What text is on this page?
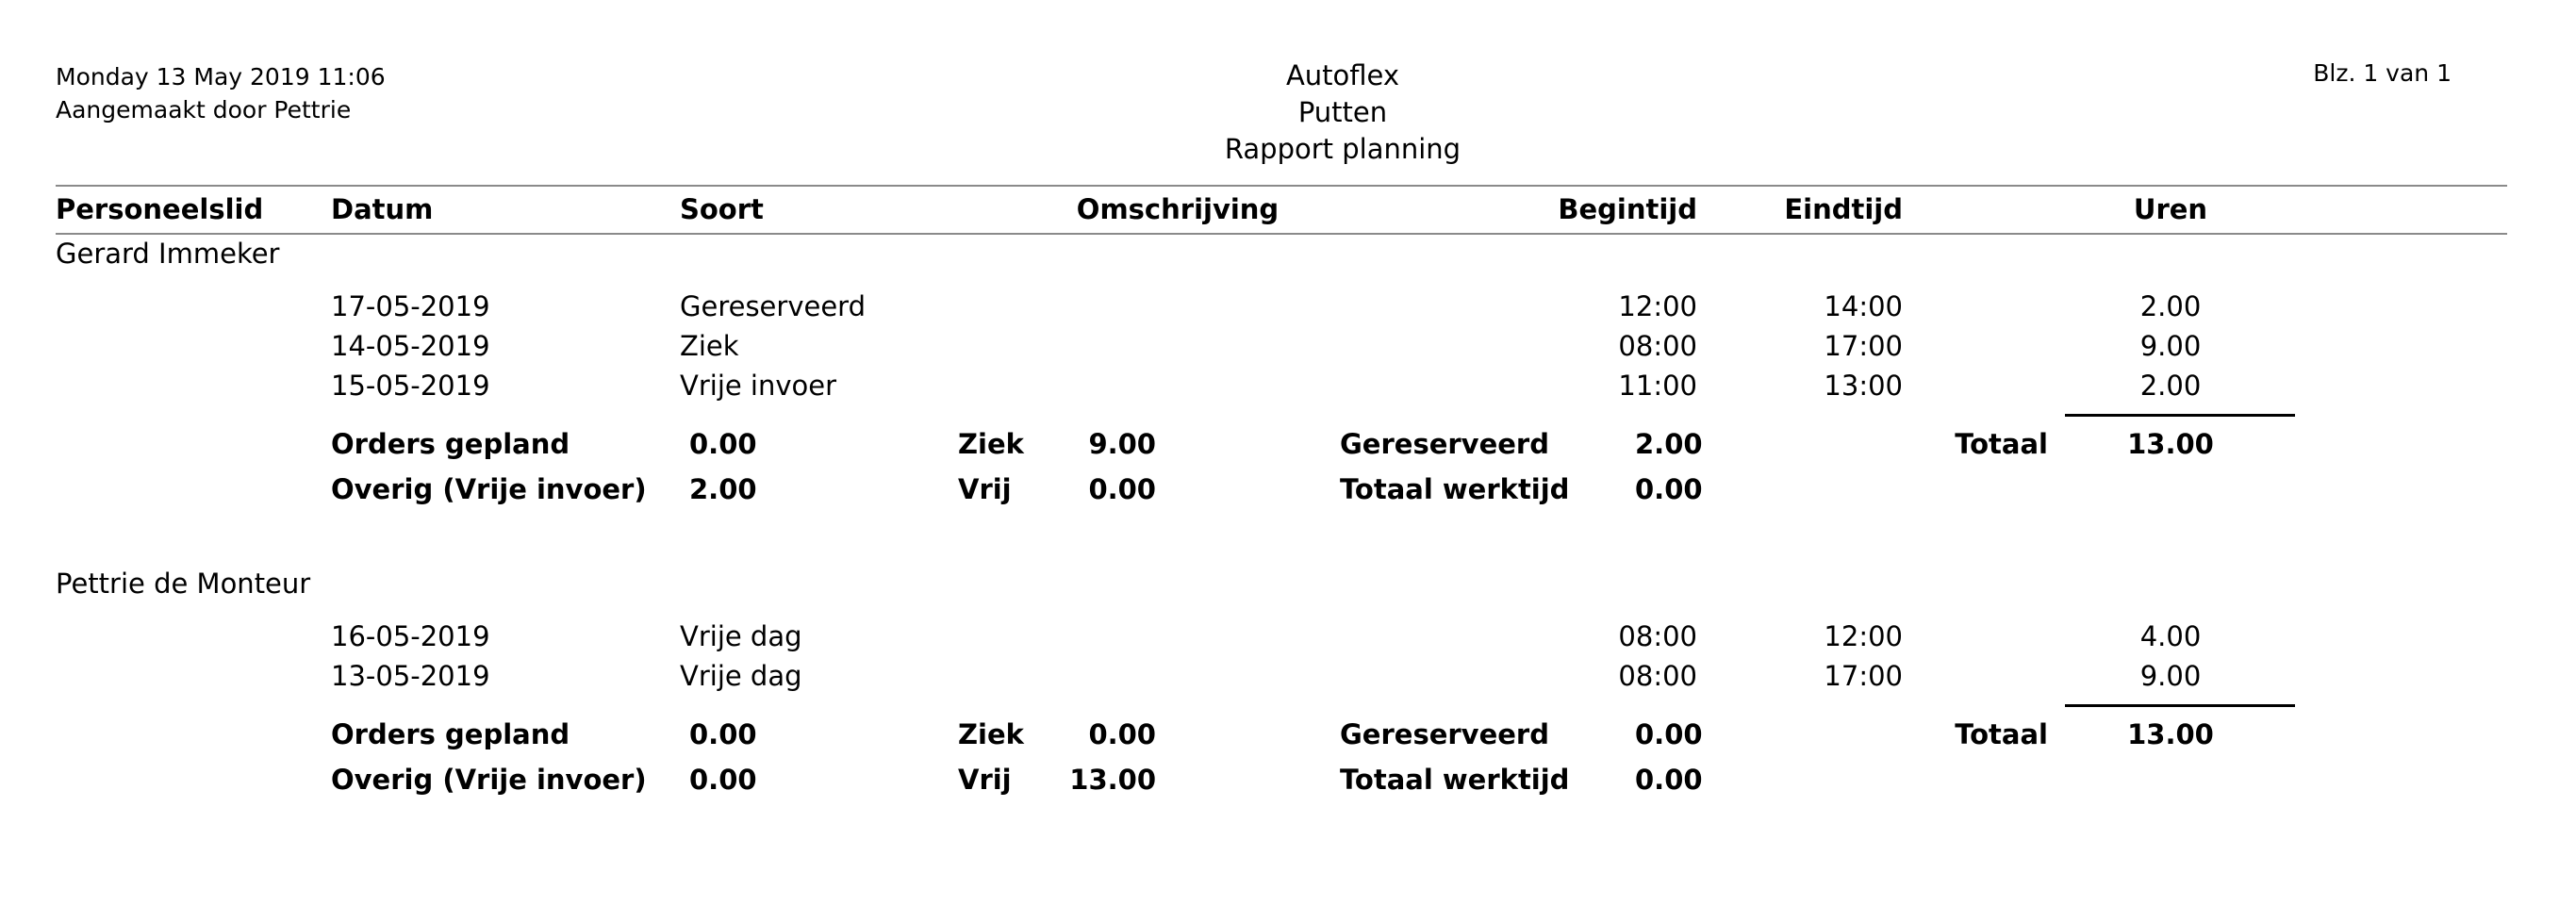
Monday 13 May 2019 11:06
Aangemaakt door Pettrie
Autoflex
Putten
Rapport planning
Blz. 1 van 1
Personeelslid Datum	Soort	Omschrijving	Begintijd	Eindtijd	Uren
Gerard Immeker
17-05-2019	Gereserveerd	12:00	14:00	2.00
14-05-2019	Ziek	08:00	17:00	9.00
15-05-2019	Vrije invoer	11:00	13:00	2.00
Orders gepland	0.00	Ziek	9.00	Gereserveerd	2.00	Totaal	13.00
Overig (Vrije invoer) 2.00	Vrij	0.00	Totaal werktijd 0.00
Pettrie de Monteur
16-05-2019	Vrije dag	08:00	12:00	4.00
13-05-2019	Vrije dag	08:00	17:00	9.00
Orders gepland	0.00	Ziek	0.00	Gereserveerd	0.00	Totaal	13.00
Overig (Vrije invoer) 0.00	Vrij 13.00	Totaal werktijd 0.00
